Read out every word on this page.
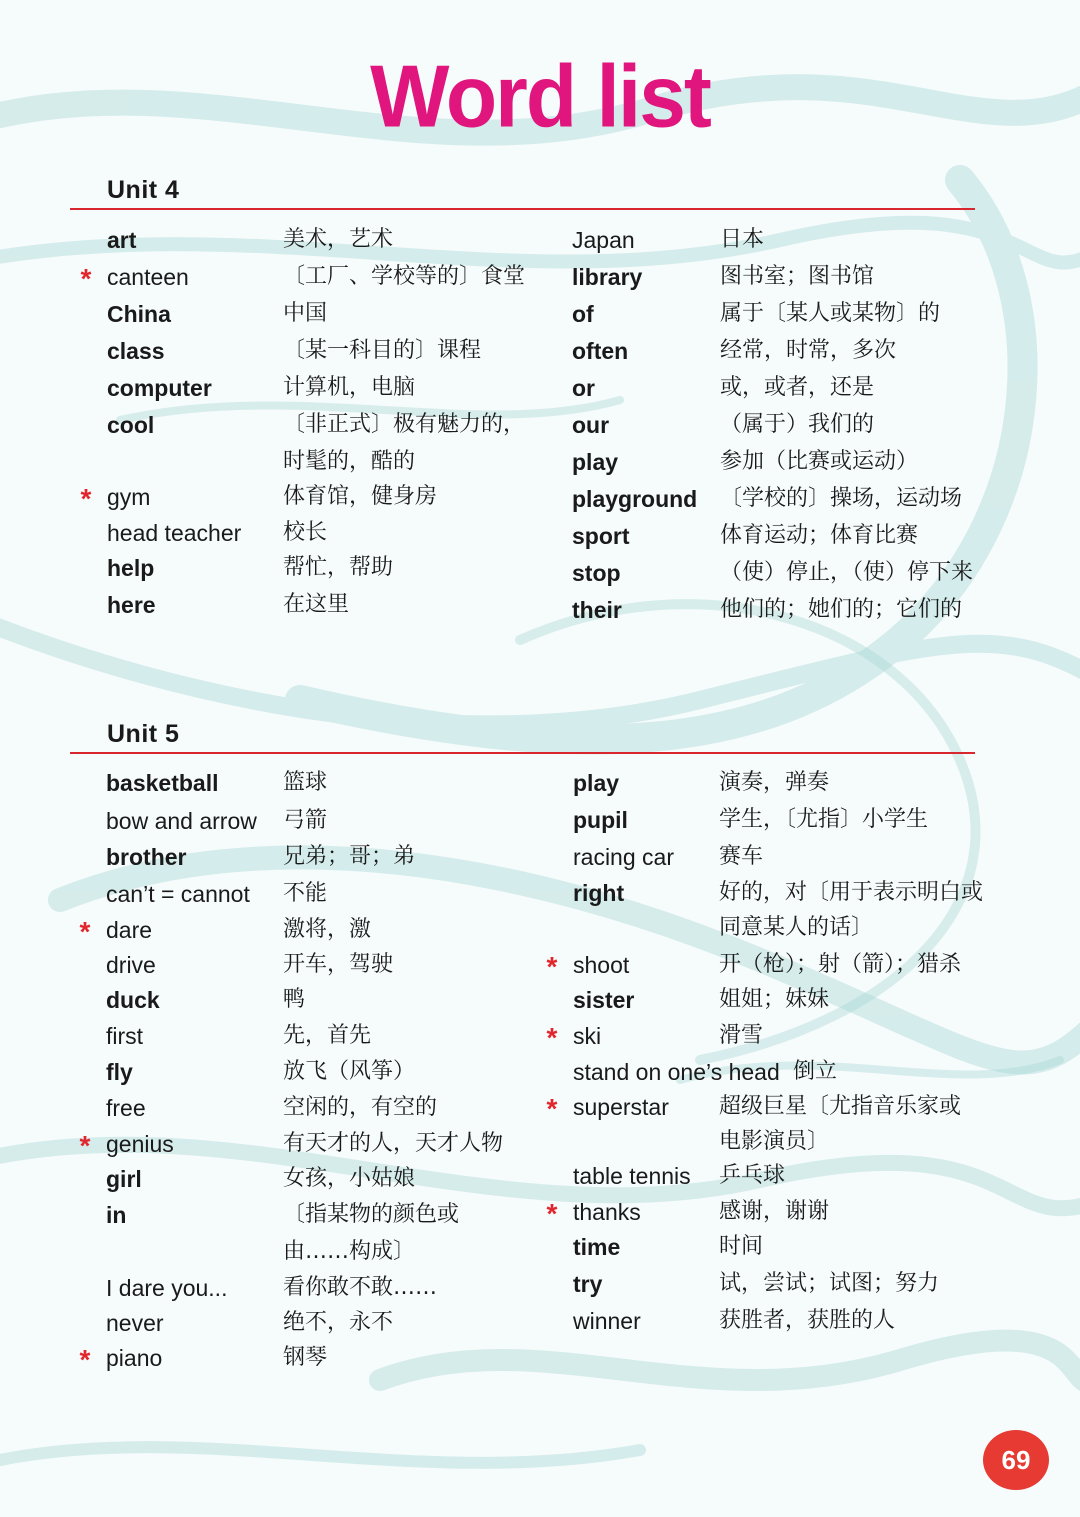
Word list
Unit 4
art	美术，艺术
* canteen	〔工厂、学校等的〕食堂
China	中国
class	〔某一科目的〕课程
computer	计算机，电脑
cool	〔非正式〕极有魅力的，
时髦的，酷的
* gym	体育馆，健身房
head teacher 校长
help	帮忙，帮助
here	在这里
Japan	日本
library	图书室；图书馆
of	属于〔某人或某物〕的
often	经常，时常，多次
or	或，或者，还是
our	（属于）我们的
play	参加（比赛或运动）
playground 〔学校的〕操场，运动场
sport	体育运动；体育比赛
stop	（使）停止，（使）停下来
their	他们的；她们的；它们的
Unit 5
basketball	篮球
bow and arrow 弓箭
brother	兄弟；哥；弟
can’t = cannot 不能
* dare	激将，激
drive	开车，驾驶
duck	鸭
first	先，首先
fly	放飞（风筝）
free	空闲的，有空的
* genius	有天才的人，天才人物
girl	女孩，小姑娘
in	〔指某物的颜色或
由……构成〕
I dare you...	看你敢不敢……
never	绝不，永不
* piano	钢琴
play	演奏，弹奏
pupil	学生，〔尤指〕小学生
racing car 赛车
right	好的，对〔用于表示明白或
同意某人的话〕
* shoot	开（枪）；射（箭）；猎杀
sister	姐姐；妹妹
* ski	滑雪
stand on one’s head 倒立
* superstar 超级巨星〔尤指音乐家或
电影演员〕
table tennis 乒乓球
* thanks	感谢，谢谢
time	时间
try	试，尝试；试图；努力
winner	获胜者，获胜的人
69
